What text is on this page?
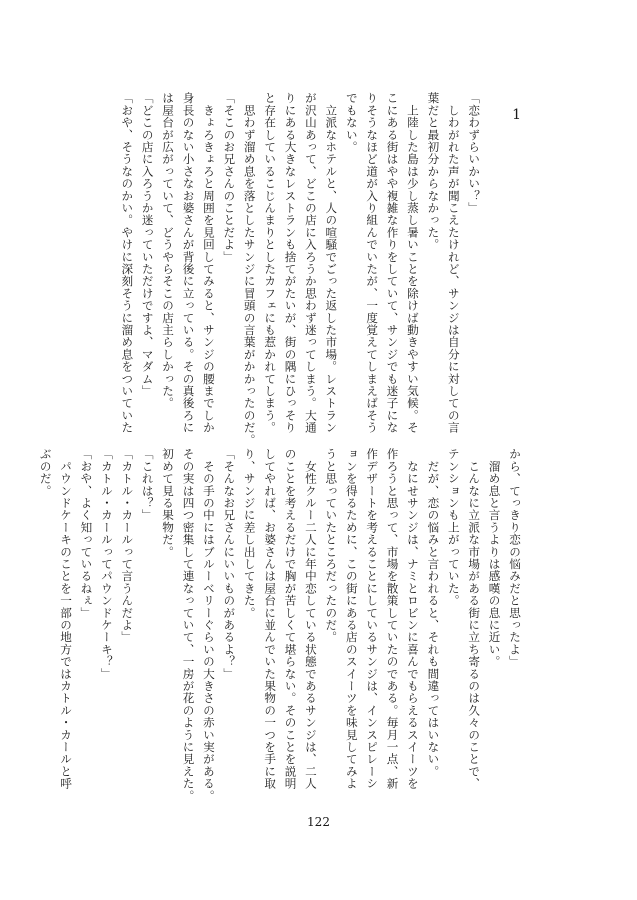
1

「恋わずらいかい？」

　しわがれた声が聞こえたけれど、サンジは自分に対しての言

葉だと最初分からなかった。

　上陸した島は少し蒸し暑いことを除けば動きやすい気候。そ

こにある街はやや複雑な作りをしていて、サンジでも迷子にな

りそうなほど道が入り組んでいたが、一度覚えてしまえばそう

でもない。

　立派なホテルと、人の喧騒でごった返した市場。レストラン

が沢山あって、どこの店に入ろうか思わず迷ってしまう。大通

りにある大きなレストランも捨てがたいが、街の隅にひっそり

と存在しているこじんまりとしたカフェにも惹かれてしまう。

　思わず溜め息を落としたサンジに冒頭の言葉がかかったのだ。

「そこのお兄さんのことだよ」

　きょろきょろと周囲を見回してみると、サンジの腰までしか

身長のない小さなお婆さんが背後に立っている。その真後ろに

は屋台が広がっていて、どうやらそこの店主らしかった。

「どこの店に入ろうか迷っていただけですよ、マダム」

「おや、そうなのかい。やけに深刻そうに溜め息をついていた

から、てっきり恋の悩みだと思ったよ」

　溜め息と言うよりは感嘆の息に近い。

　こんなに立派な市場がある街に立ち寄るのは久々のことで、

テンションも上がっていた。

　だが、恋の悩みと言われると、それも間違ってはいない。

　なにせサンジは、ナミとロビンに喜んでもらえるスイーツを

作ろうと思って、市場を散策していたのである。毎月一点、新

作デザートを考えることにしているサンジは、インスピレーシ

ョンを得るために、この街にある店のスイーツを味見してみよ

うと思っていたところだったのだ。

　女性クルー二人に年中恋している状態であるサンジは、二人

のことを考えるだけで胸が苦しくて堪らない。そのことを説明

してやれば、お婆さんは屋台に並んでいた果物の一つを手に取

り、サンジに差し出してきた。

「そんなお兄さんにいいものがあるよ？」

　その手の中にはブルーベリーぐらいの大きさの赤い実がある。

その実は四つ密集して連なっていて、一房が花のように見えた。

初めて見る果物だ。

「これは？」

「カトル・カールって言うんだよ」

「カトル・カールってパウンドケーキ？」

「おや、よく知っているねぇ」

　パウンドケーキのことを一部の地方ではカトル・カールと呼

ぶのだ。

122
